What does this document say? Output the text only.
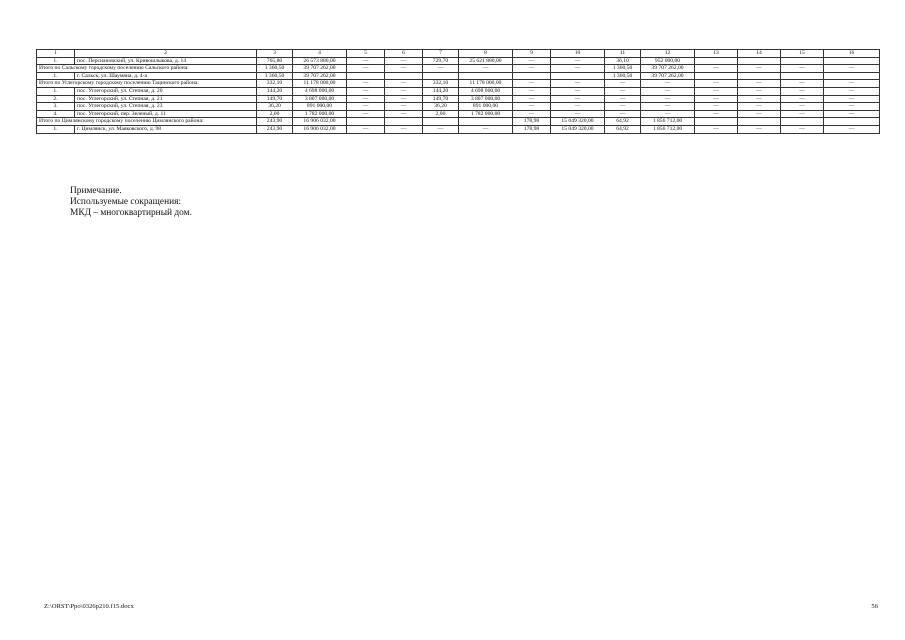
1	2	3	4	5	6	7	8	9	10	11	12	13	14	15	16
1.	пос. Персиановский, ул. Кривошлыкова, д. 14	765,80	26 573 880,00	—	—	729,70	25 621 880,00	—	—	36,10	952 000,00				
Итого по Сальскому городскому поселению Сальского района:		1 360,50	39 707 262,00	—	—	—	—	—	—	1 360,50	39 707 262,00	—	—	—	—
1.	г. Сальск, ул. Шаумяна, д. 4-а	1 360,50	39 707 262,00							1 360,50	39 707 262,00				
Итого по Углегорскому городскому поселению Тацинского района:		332,10	11 178 000,00	—	—	332,10	11 178 000,00	—	—	—	—	—	—	—	—
1.	пос. Углегорский, ул. Степная, д. 20	144,20	4 698 000,00	—	—	144,20	4 698 000,00	—	—	—	—	—	—	—	—
2.	пос. Углегорский, ул. Степная, д. 21	149,70	3 807 000,00	—	—	149,70	3 807 000,00	—	—	—	—	—	—	—	—
3.	пос. Углегорский, ул. Степная, д. 23	36,20	891 000,00	—	—	36,20	891 000,00	—	—	—	—	—	—	—	—
4.	пос. Углегорский, пер. Зеленый, д. 11	2,00	1 782 000,00	—	—	2,00	1 782 000,00	—	—	—	—	—	—	—	—
Итого по Цимлянскому городскому поселению Цимлянского района:		243,90	16 906 032,00					178,98	15 049 320,00	64,92	1 856 712,00				
1.	г. Цимлянск, ул. Маяковского, д. 98	243,90	16 906 032,00	—	—	—	—	178,98	15 049 320,00	64,92	1 856 712,00	—	—	—	—
Примечание.
Используемые сокращения:
МКД – многоквартирный дом.
Z:\ORST\Ppo\0326p210.f15.docx	56
